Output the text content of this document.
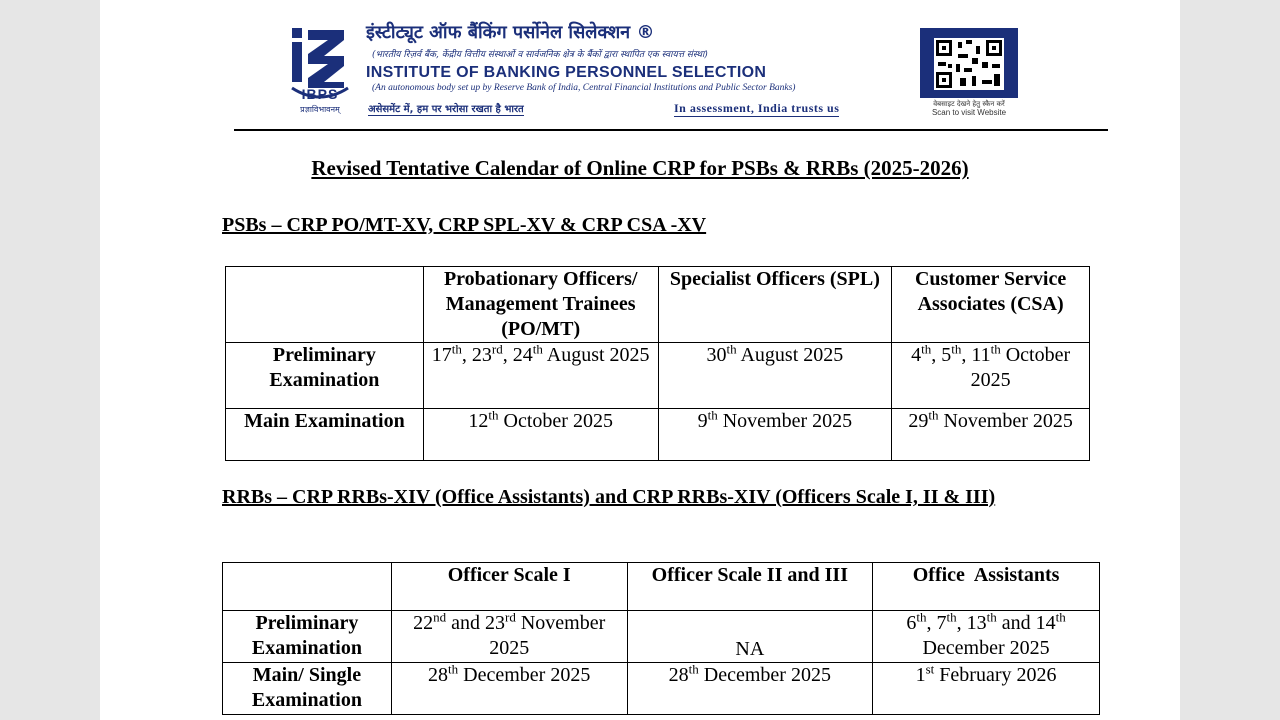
IBPS
प्रज्ञाविभावनम्
इंस्टीट्यूट ऑफ बैंकिंग पर्सोनेल सिलेक्शन ®
(भारतीय रिज़र्व बैंक, केंद्रीय वित्तीय संस्थाओं व सार्वजनिक क्षेत्र के बैंकों द्वारा स्थापित एक स्वायत्त संस्था)
INSTITUTE OF BANKING PERSONNEL SELECTION
(An autonomous body set up by Reserve Bank of India, Central Financial Institutions and Public Sector Banks)
असेसमेंट में, हम पर भरोसा रखता है भारत	In assessment, India trusts us	वेबसाइट देखने हेतु स्कैन करें
Scan to visit Website
Revised Tentative Calendar of Online CRP for PSBs & RRBs (2025-2026)
PSBs – CRP PO/MT-XV, CRP SPL-XV & CRP CSA -XV
	Probationary Officers/ Management Trainees (PO/MT)	Specialist Officers (SPL)	Customer Service Associates (CSA)
Preliminary Examination	17th, 23rd, 24th August 2025	30th August 2025	4th, 5th, 11th October 2025
Main Examination	12th October 2025	9th November 2025	29th November 2025
RRBs – CRP RRBs-XIV (Office Assistants) and CRP RRBs-XIV (Officers Scale I, II & III)
	Officer Scale I	Officer Scale II and III	Office  Assistants
Preliminary Examination	22nd and 23rd November 2025	NA	6th, 7th, 13th and 14th December 2025
Main/ Single Examination	28th December 2025	28th December 2025	1st February 2026
